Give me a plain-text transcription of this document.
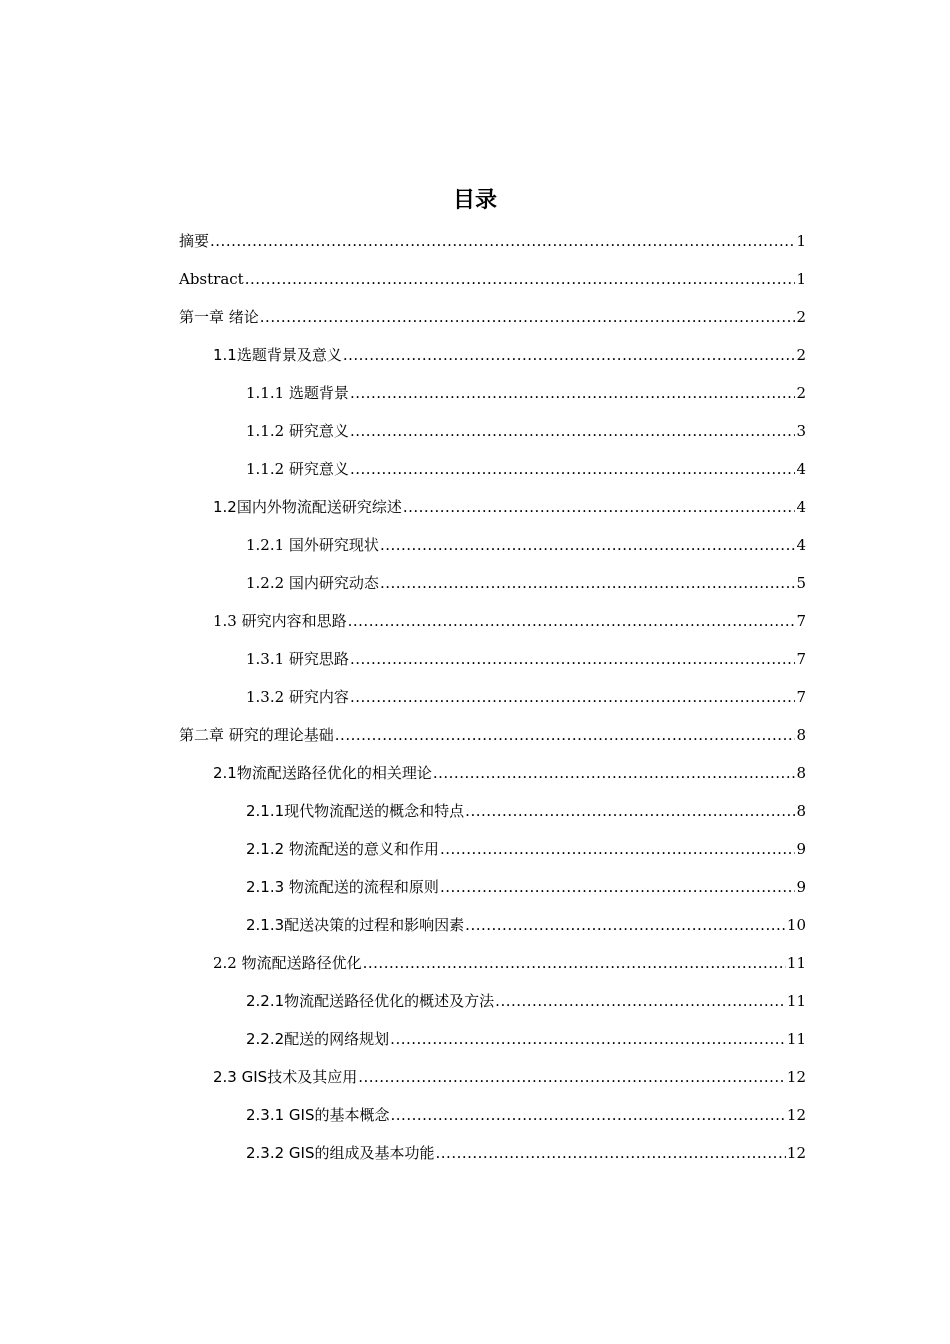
目录
摘要 .....	1
Abstract .....	1
第一章 绪论 .....	2
1.1选题背景及意义 .....	2
1.1.1 选题背景 .....	2
1.1.2 研究意义 .....	3
1.1.2 研究意义 .....	4
1.2国内外物流配送研究综述 .....	4
1.2.1 国外研究现状 .....	4
1.2.2 国内研究动态 .....	5
1.3 研究内容和思路 .....	7
1.3.1 研究思路 .....	7
1.3.2 研究内容 .....	7
第二章 研究的理论基础 .....	8
2.1物流配送路径优化的相关理论 .....	8
2.1.1现代物流配送的概念和特点 .....	8
2.1.2 物流配送的意义和作用 .....	9
2.1.3 物流配送的流程和原则 .....	9
2.1.3配送决策的过程和影响因素 .....	10
2.2 物流配送路径优化 .....	11
2.2.1物流配送路径优化的概述及方法 .....	11
2.2.2配送的网络规划 .....	11
2.3 GIS技术及其应用 .....	12
2.3.1 GIS的基本概念 .....	12
2.3.2 GIS的组成及基本功能 .....	12
